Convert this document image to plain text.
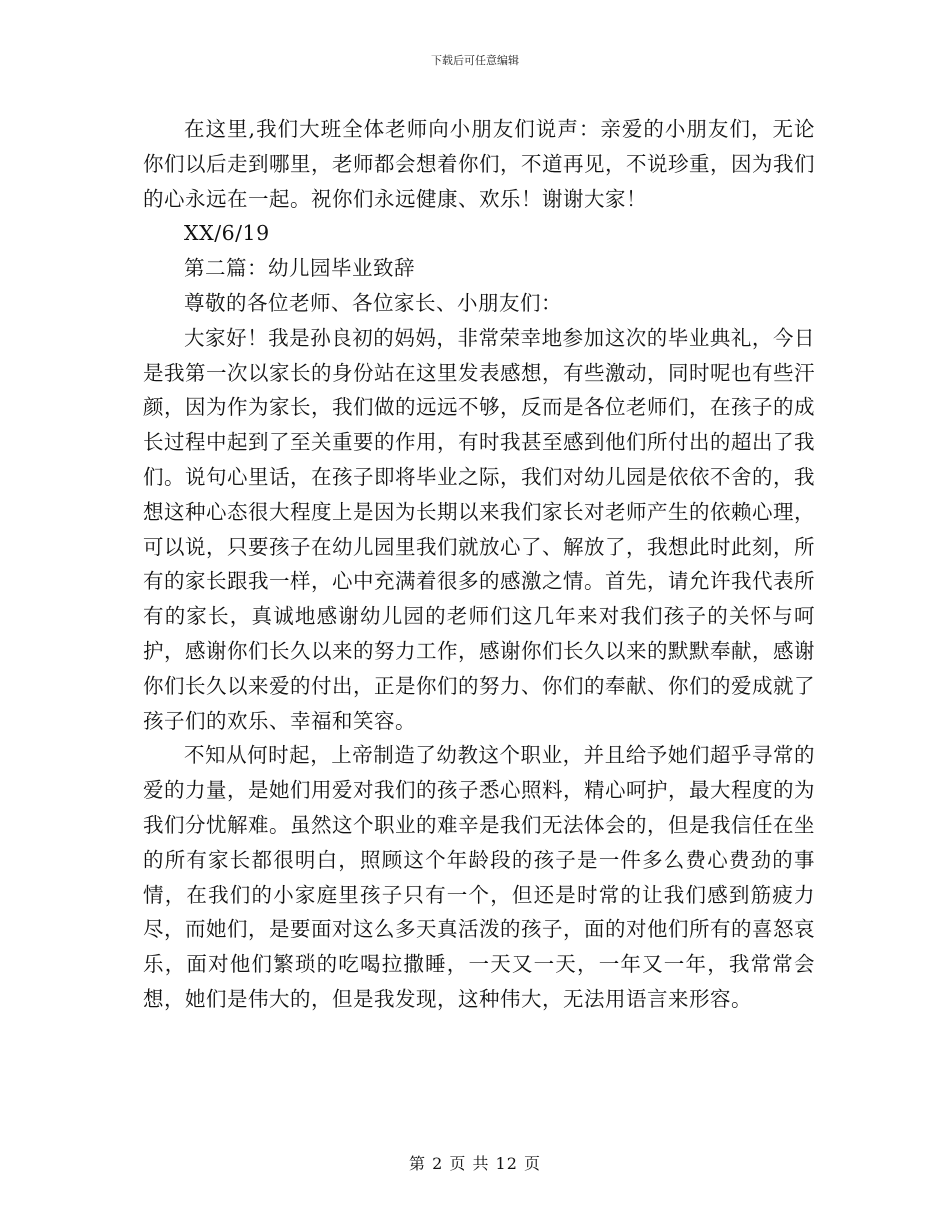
下载后可任意编辑

在这里,我们大班全体老师向小朋友们说声：亲爱的小朋友们，无论你们以后走到哪里，老师都会想着你们，不道再见，不说珍重，因为我们的心永远在一起。祝你们永远健康、欢乐！谢谢大家！

XX/6/19

第二篇：幼儿园毕业致辞

尊敬的各位老师、各位家长、小朋友们：

大家好！我是孙良初的妈妈，非常荣幸地参加这次的毕业典礼，今日是我第一次以家长的身份站在这里发表感想，有些激动，同时呢也有些汗颜，因为作为家长，我们做的远远不够，反而是各位老师们，在孩子的成长过程中起到了至关重要的作用，有时我甚至感到他们所付出的超出了我们。说句心里话，在孩子即将毕业之际，我们对幼儿园是依依不舍的，我想这种心态很大程度上是因为长期以来我们家长对老师产生的依赖心理，可以说，只要孩子在幼儿园里我们就放心了、解放了，我想此时此刻，所有的家长跟我一样，心中充满着很多的感激之情。首先，请允许我代表所有的家长，真诚地感谢幼儿园的老师们这几年来对我们孩子的关怀与呵护，感谢你们长久以来的努力工作，感谢你们长久以来的默默奉献，感谢你们长久以来爱的付出，正是你们的努力、你们的奉献、你们的爱成就了孩子们的欢乐、幸福和笑容。

不知从何时起，上帝制造了幼教这个职业，并且给予她们超乎寻常的爱的力量，是她们用爱对我们的孩子悉心照料，精心呵护，最大程度的为我们分忧解难。虽然这个职业的难辛是我们无法体会的，但是我信任在坐的所有家长都很明白，照顾这个年龄段的孩子是一件多么费心费劲的事情，在我们的小家庭里孩子只有一个，但还是时常的让我们感到筋疲力尽，而她们，是要面对这么多天真活泼的孩子，面的对他们所有的喜怒哀乐，面对他们繁琐的吃喝拉撒睡，一天又一天，一年又一年，我常常会想，她们是伟大的，但是我发现，这种伟大，无法用语言来形容。

第 2 页 共 12 页
